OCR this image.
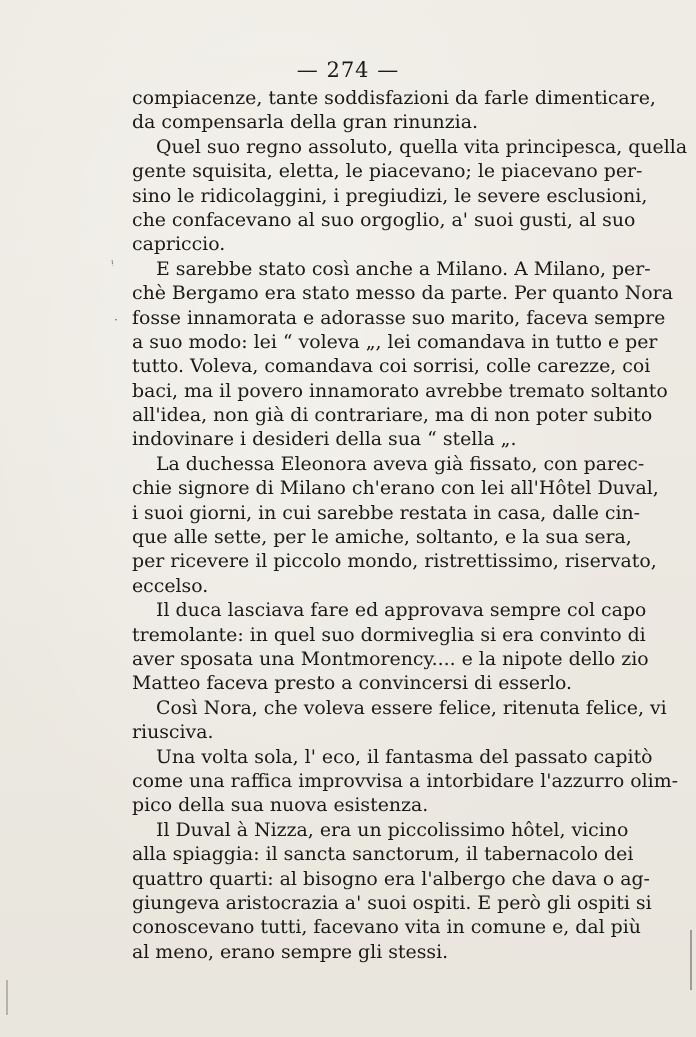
ᵎ
·
— 274 —
compiacenze, tante soddisfazioni da farle dimenticare,
da compensarla della gran rinunzia.
Quel suo regno assoluto, quella vita principesca, quella
gente squisita, eletta, le piacevano; le piacevano per-
sino le ridicolaggini, i pregiudizi, le severe esclusioni,
che confacevano al suo orgoglio, a' suoi gusti, al suo
capriccio.
E sarebbe stato così anche a Milano. A Milano, per-
chè Bergamo era stato messo da parte. Per quanto Nora
fosse innamorata e adorasse suo marito, faceva sempre
a suo modo: lei “ voleva „, lei comandava in tutto e per
tutto. Voleva, comandava coi sorrisi, colle carezze, coi
baci, ma il povero innamorato avrebbe tremato soltanto
all'idea, non già di contrariare, ma di non poter subito
indovinare i desideri della sua “ stella „.
La duchessa Eleonora aveva già fissato, con parec-
chie signore di Milano ch'erano con lei all'Hôtel Duval,
i suoi giorni, in cui sarebbe restata in casa, dalle cin-
que alle sette, per le amiche, soltanto, e la sua sera,
per ricevere il piccolo mondo, ristrettissimo, riservato,
eccelso.
Il duca lasciava fare ed approvava sempre col capo
tremolante: in quel suo dormiveglia si era convinto di
aver sposata una Montmorency.... e la nipote dello zio
Matteo faceva presto a convincersi di esserlo.
Così Nora, che voleva essere felice, ritenuta felice, vi
riusciva.
Una volta sola, l' eco, il fantasma del passato capitò
come una raffica improvvisa a intorbidare l'azzurro olim-
pico della sua nuova esistenza.
Il Duval à Nizza, era un piccolissimo hôtel, vicino
alla spiaggia: il sancta sanctorum, il tabernacolo dei
quattro quarti: al bisogno era l'albergo che dava o ag-
giungeva aristocrazia a' suoi ospiti. E però gli ospiti si
conoscevano tutti, facevano vita in comune e, dal più
al meno, erano sempre gli stessi.
